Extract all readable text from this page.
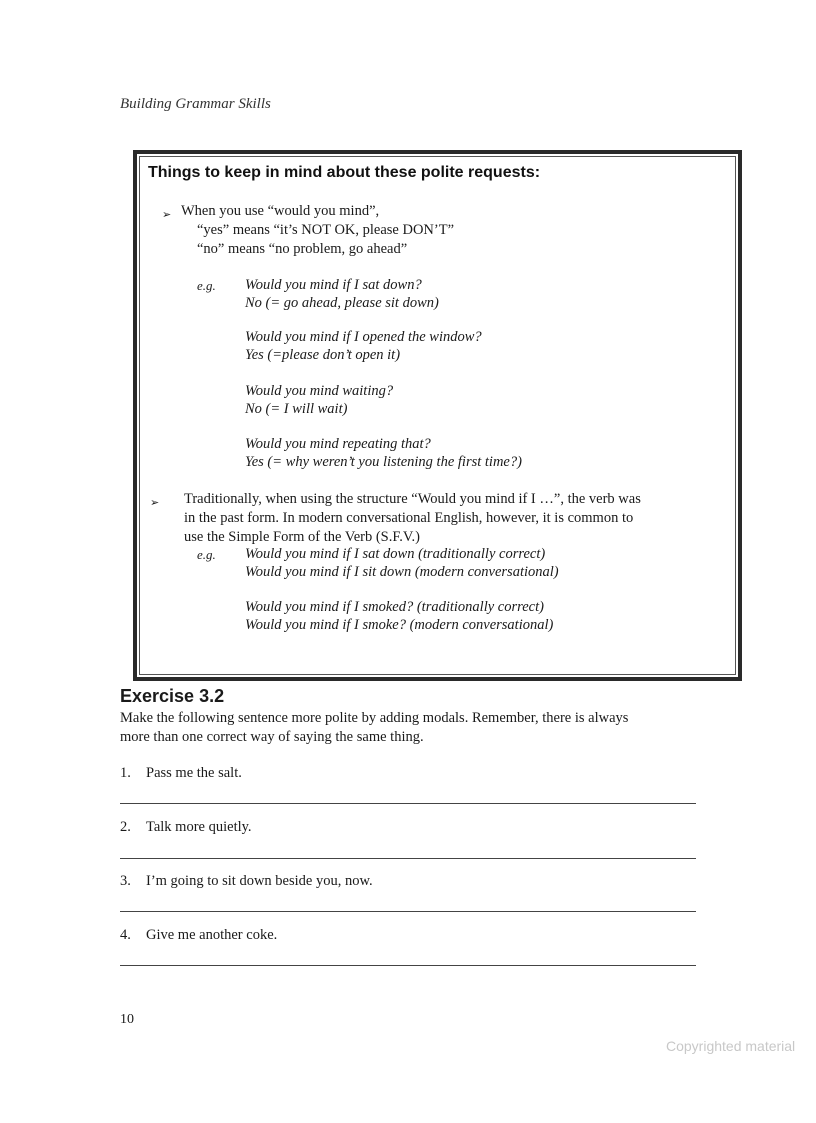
Building Grammar Skills
Things to keep in mind about these polite requests:
➢ When you use “would you mind”,
“yes” means “it’s NOT OK, please DON’T”
“no” means “no problem, go ahead”
e.g. Would you mind if I sat down?
No (= go ahead, please sit down)
Would you mind if I opened the window?
Yes (=please don’t open it)
Would you mind waiting?
No (= I will wait)
Would you mind repeating that?
Yes (= why weren’t you listening the first time?)
➢ Traditionally, when using the structure “Would you mind if I …”, the verb was
in the past form. In modern conversational English, however, it is common to
use the Simple Form of the Verb (S.F.V.)
e.g. Would you mind if I sat down (traditionally correct)
Would you mind if I sit down (modern conversational)
Would you mind if I smoked? (traditionally correct)
Would you mind if I smoke? (modern conversational)
Exercise 3.2
Make the following sentence more polite by adding modals. Remember, there is always
more than one correct way of saying the same thing.
1. Pass me the salt.
2. Talk more quietly.
3. I’m going to sit down beside you, now.
4. Give me another coke.
10
Copyrighted material
